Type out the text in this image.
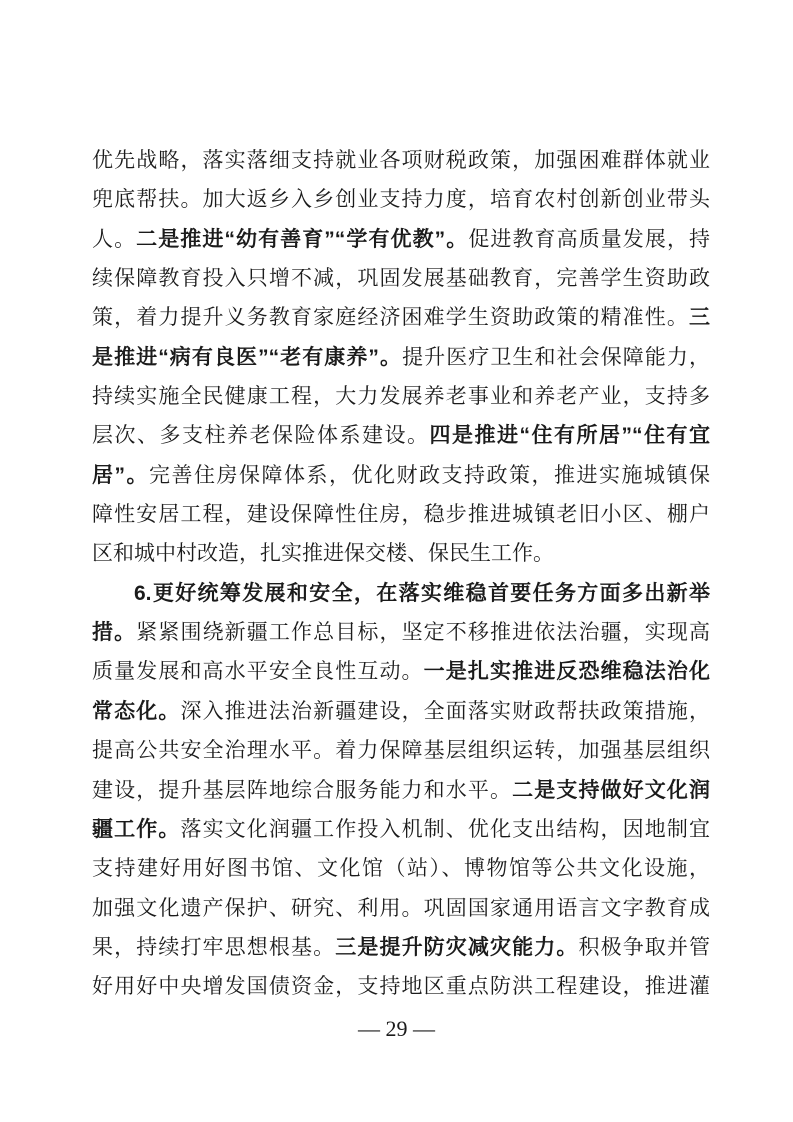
优先战略，落实落细支持就业各项财税政策，加强困难群体就业
兜底帮扶。加大返乡入乡创业支持力度，培育农村创新创业带头
人。二是推进“幼有善育”“学有优教”。促进教育高质量发展，持
续保障教育投入只增不减，巩固发展基础教育，完善学生资助政
策，着力提升义务教育家庭经济困难学生资助政策的精准性。三
是推进“病有良医”“老有康养”。提升医疗卫生和社会保障能力，
持续实施全民健康工程，大力发展养老事业和养老产业，支持多
层次、多支柱养老保险体系建设。四是推进“住有所居”“住有宜
居”。完善住房保障体系，优化财政支持政策，推进实施城镇保
障性安居工程，建设保障性住房，稳步推进城镇老旧小区、棚户
区和城中村改造，扎实推进保交楼、保民生工作。
6.更好统筹发展和安全，在落实维稳首要任务方面多出新举
措。紧紧围绕新疆工作总目标，坚定不移推进依法治疆，实现高
质量发展和高水平安全良性互动。一是扎实推进反恐维稳法治化
常态化。深入推进法治新疆建设，全面落实财政帮扶政策措施，
提高公共安全治理水平。着力保障基层组织运转，加强基层组织
建设，提升基层阵地综合服务能力和水平。二是支持做好文化润
疆工作。落实文化润疆工作投入机制、优化支出结构，因地制宜
支持建好用好图书馆、文化馆（站）、博物馆等公共文化设施，
加强文化遗产保护、研究、利用。巩固国家通用语言文字教育成
果，持续打牢思想根基。三是提升防灾减灾能力。积极争取并管
好用好中央增发国债资金，支持地区重点防洪工程建设，推进灌
— 29 —
